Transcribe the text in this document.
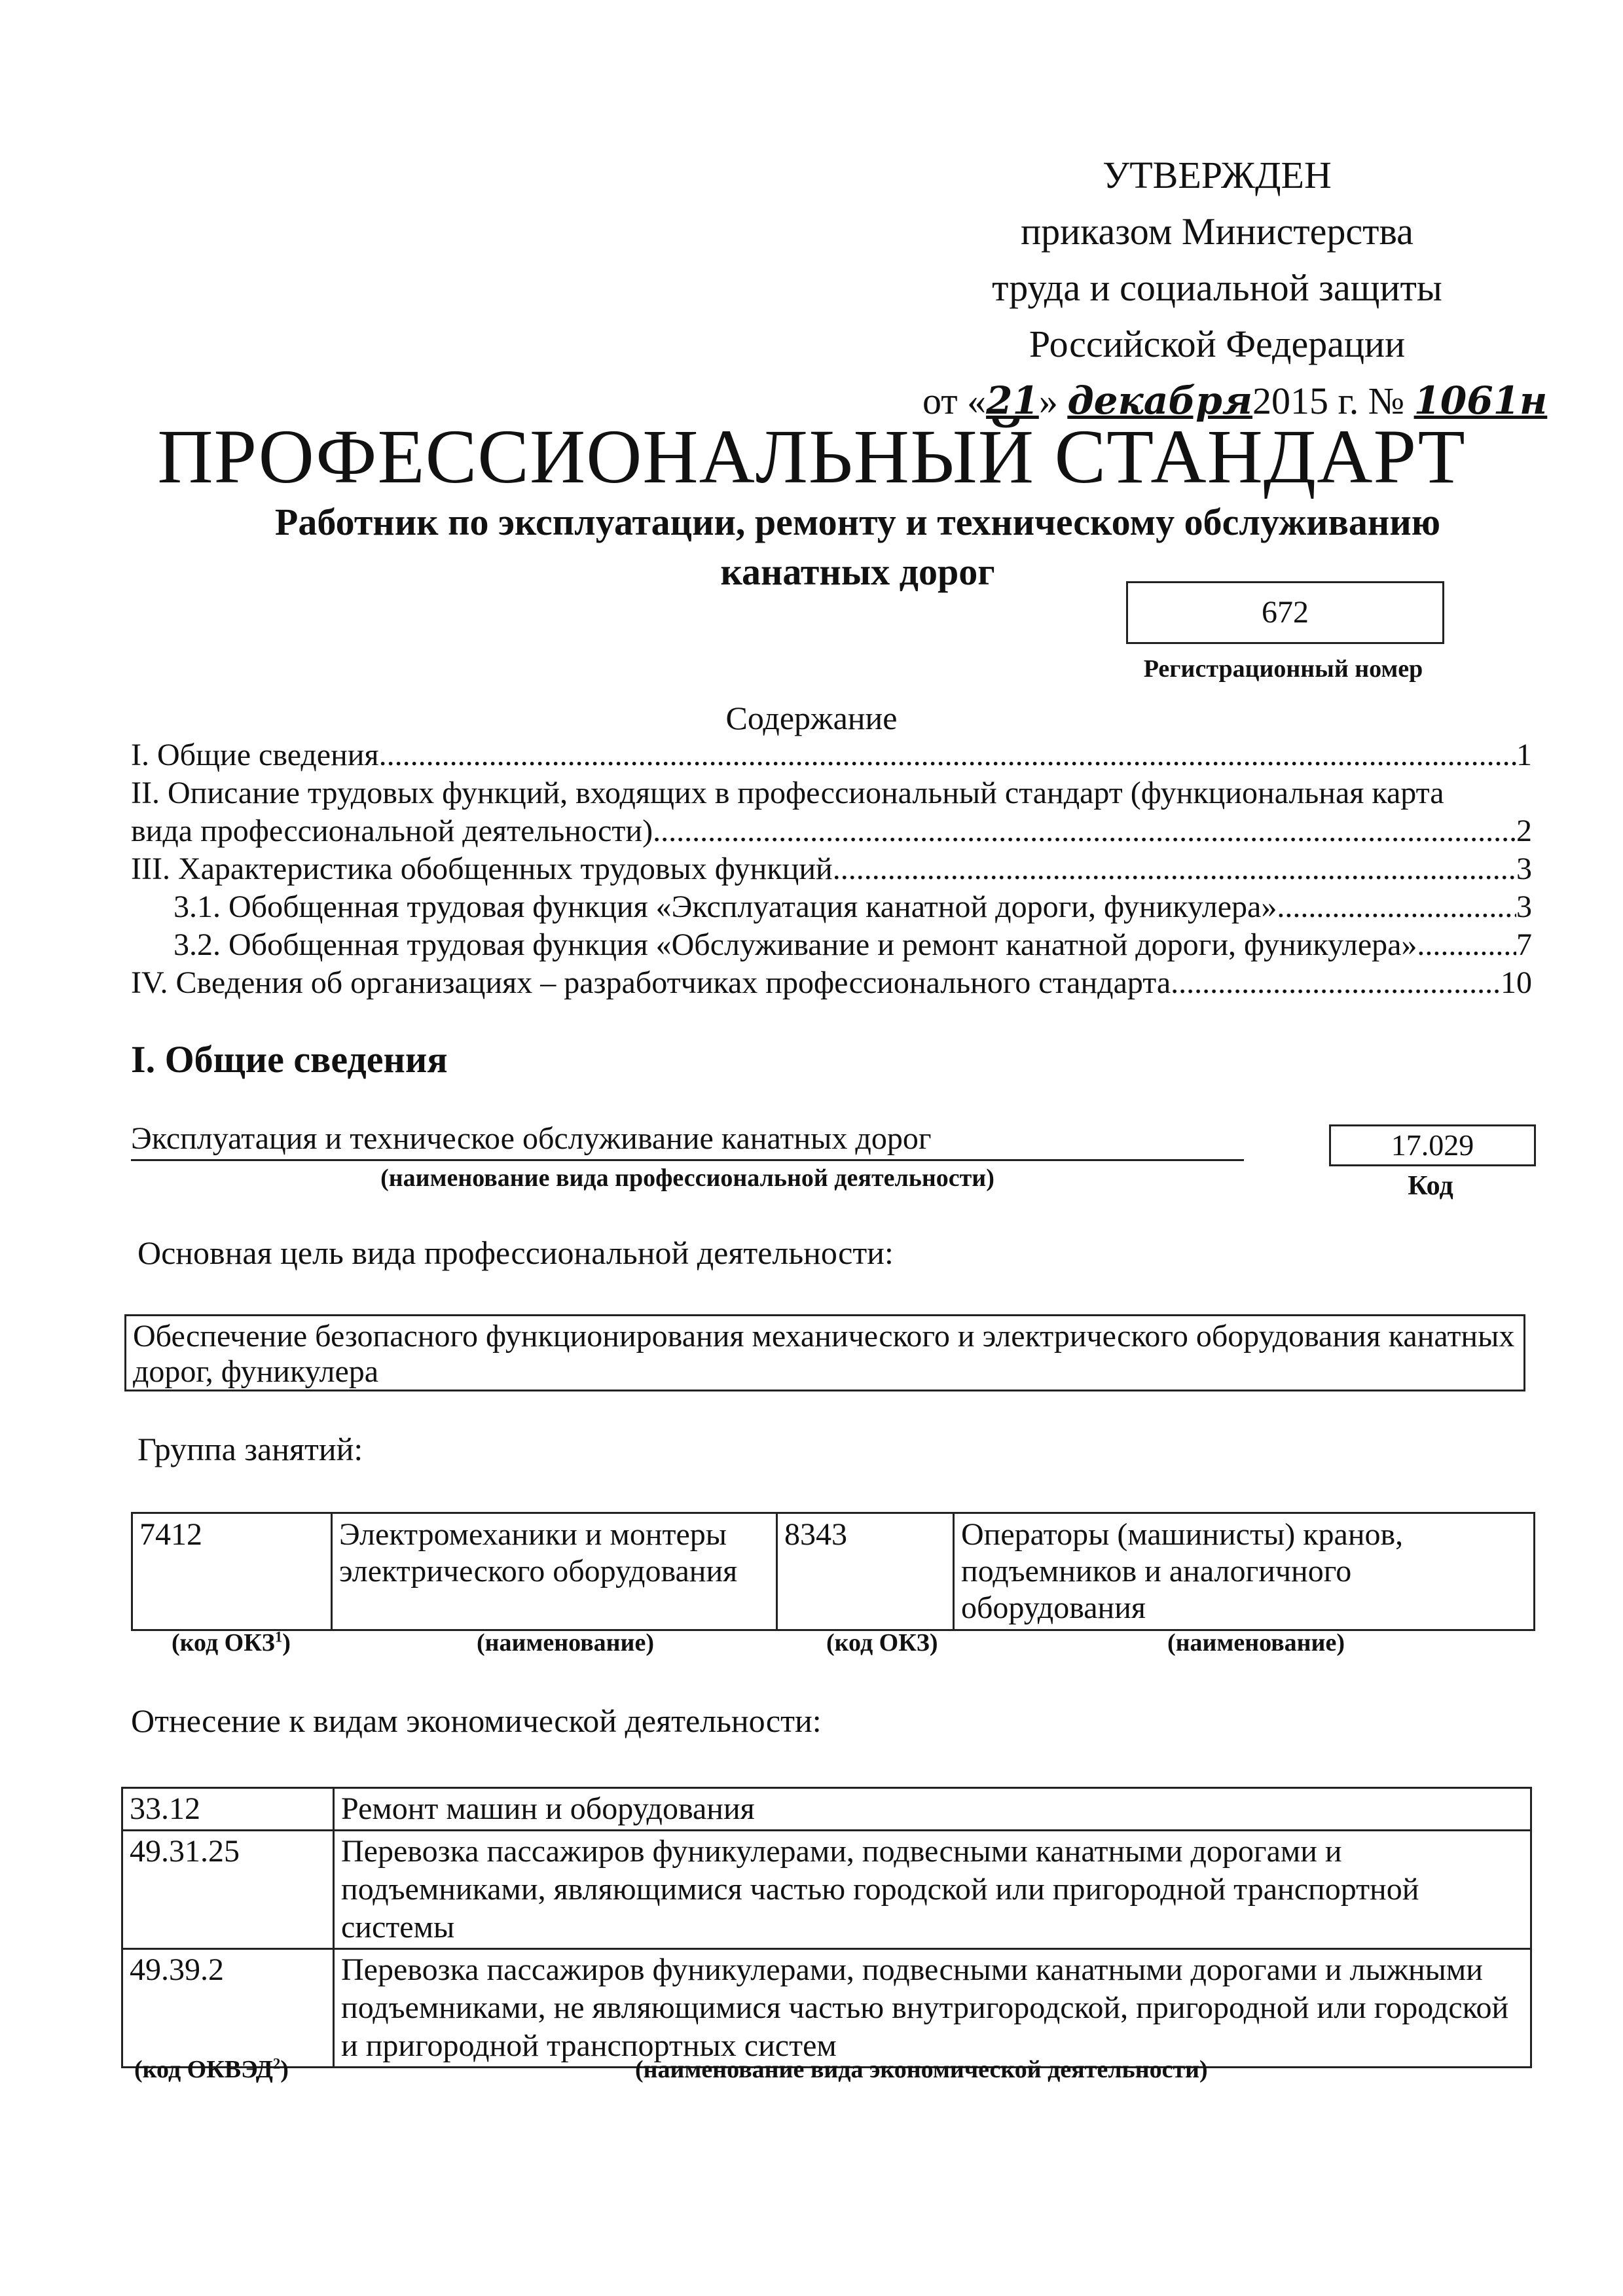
УТВЕРЖДЕН
приказом Министерства
труда и социальной защиты
Российской Федерации
от «21» декабря2015 г. № 1061н
ПРОФЕССИОНАЛЬНЫЙ СТАНДАРТ
Работник по эксплуатации, ремонту и техническому обслуживанию канатных дорог
672
Регистрационный номер
Содержание
I. Общие сведения .....	1
II. Описание трудовых функций, входящих в профессиональный стандарт (функциональная карта
вида профессиональной деятельности) .....	2
III. Характеристика обобщенных трудовых функций .....	3
3.1. Обобщенная трудовая функция «Эксплуатация канатной дороги, фуникулера» .....	3
3.2. Обобщенная трудовая функция «Обслуживание и ремонт канатной дороги, фуникулера» .....	7
IV. Сведения об организациях – разработчиках профессионального стандарта .....	10
I. Общие сведения
Эксплуатация и техническое обслуживание канатных дорог
(наименование вида профессиональной деятельности)
17.029
Код
Основная цель вида профессиональной деятельности:
Обеспечение безопасного функционирования механического и электрического оборудования канатных дорог, фуникулера
Группа занятий:
7412	Электромеханики и монтеры электрического оборудования	8343	Операторы (машинисты) кранов, подъемников и аналогичного оборудования
(код ОКЗ$^1$)	(наименование)	(код ОКЗ)	(наименование)
Отнесение к видам экономической деятельности:
33.12	Ремонт машин и оборудования
49.31.25	Перевозка пассажиров фуникулерами, подвесными канатными дорогами и подъемниками, являющимися частью городской или пригородной транспортной системы
49.39.2	Перевозка пассажиров фуникулерами, подвесными канатными дорогами и лыжными подъемниками, не являющимися частью внутригородской, пригородной или городской и пригородной транспортных систем
(код ОКВЭД$^2$)	(наименование вида экономической деятельности)
